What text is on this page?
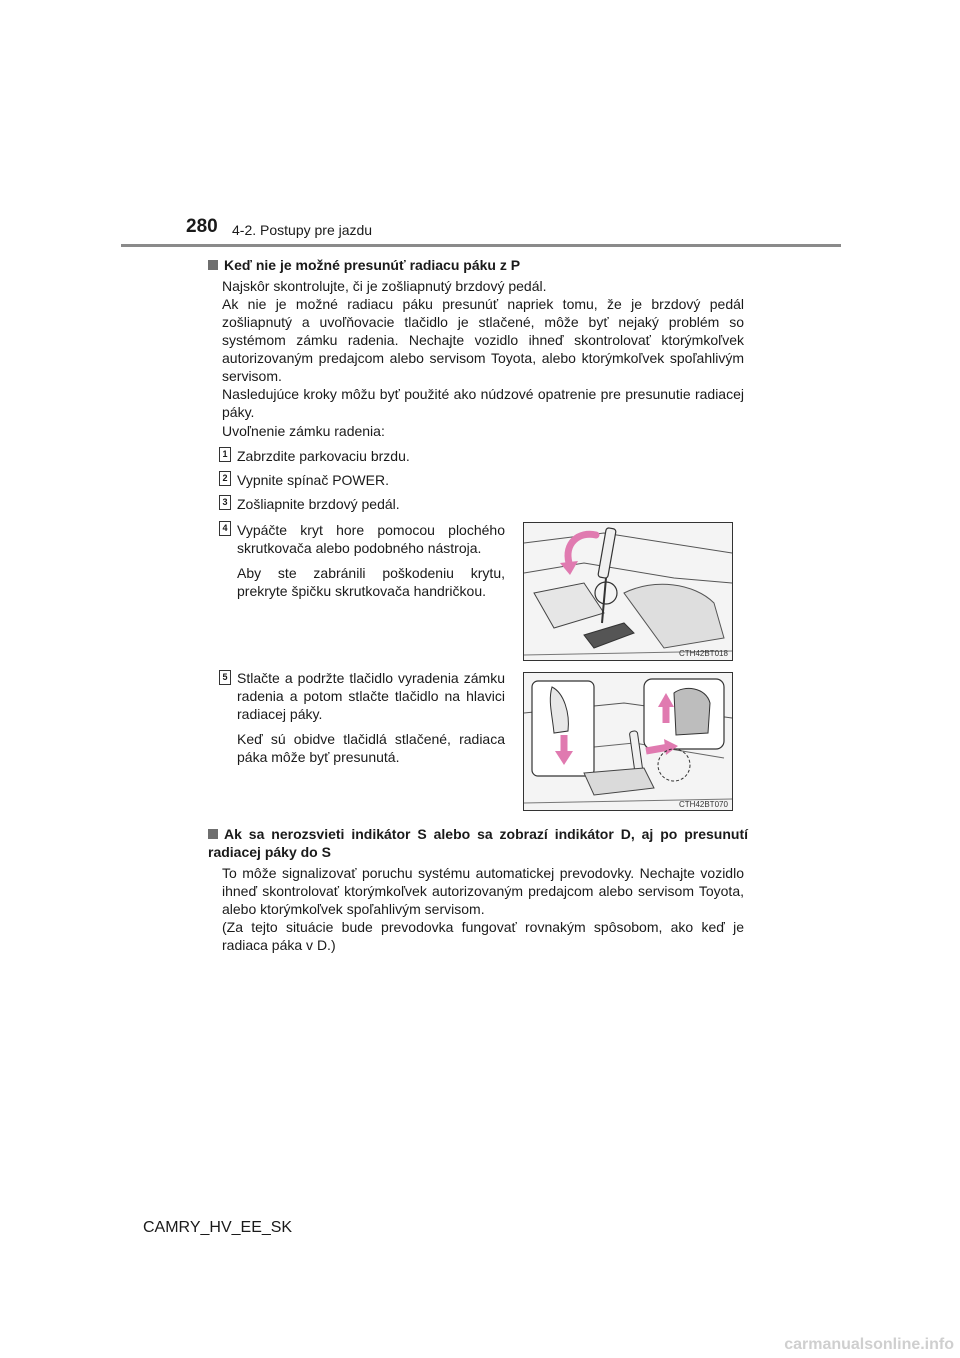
280 4-2. Postupy pre jazdu
Keď nie je možné presunúť radiacu páku z P

Najskôr skontrolujte, či je zošliapnutý brzdový pedál.

Ak nie je možné radiacu páku presunúť napriek tomu, že je brzdový pedál zošliapnutý a uvoľňovacie tlačidlo je stlačené, môže byť nejaký problém so systémom zámku radenia. Nechajte vozidlo ihneď skontrolovať ktorýmkoľvek autorizovaným predajcom alebo servisom Toyota, alebo ktorýmkoľvek spoľahlivým servisom.

Nasledujúce kroky môžu byť použité ako núdzové opatrenie pre presunutie radiacej páky.

Uvoľnenie zámku radenia:
1 Zabrzdite parkovaciu brzdu.
2 Vypnite spínač POWER.
3 Zošliapnite brzdový pedál.
4 Vypáčte kryt hore pomocou plochého skrutkovača alebo podobného nástroja.
Aby ste zabránili poškodeniu krytu, prekryte špičku skrutkovača handričkou.
CTH42BT018
5 Stlačte a podržte tlačidlo vyradenia zámku radenia a potom stlačte tlačidlo na hlavici radiacej páky.
Keď sú obidve tlačidlá stlačené, radiaca páka môže byť presunutá.
CTH42BT070
Ak sa nerozsvieti indikátor S alebo sa zobrazí indikátor D, aj po presunutí radiacej páky do S

To môže signalizovať poruchu systému automatickej prevodovky. Nechajte vozidlo ihneď skontrolovať ktorýmkoľvek autorizovaným predajcom alebo servisom Toyota, alebo ktorýmkoľvek spoľahlivým servisom.

(Za tejto situácie bude prevodovka fungovať rovnakým spôsobom, ako keď je radiaca páka v D.)

CAMRY_HV_EE_SK
carmanualsonline.info
